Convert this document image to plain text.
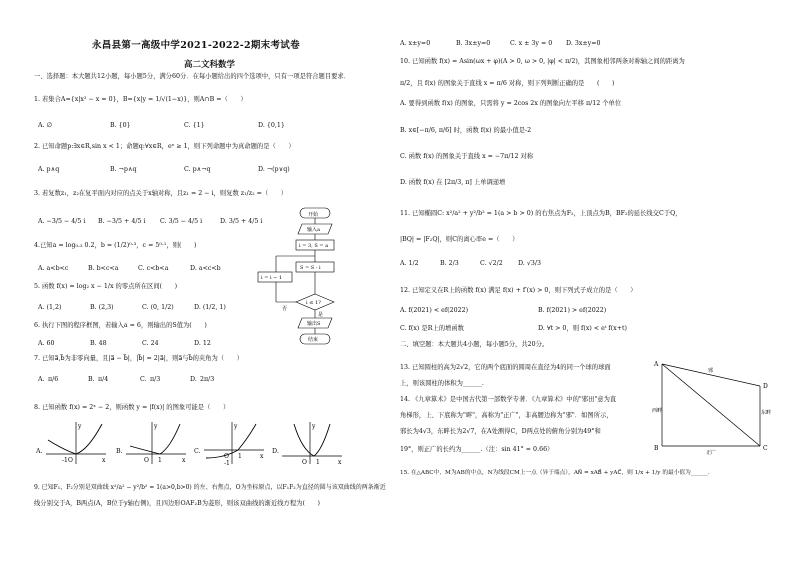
永昌县第一高级中学2021-2022-2期末考试卷
高二文科数学
一、选择题：本大题共12小题，每小题5分，满分60分．在每小题给出的四个选项中，只有一项是符合题目要求．
1. 若集合A={x|x² − x = 0}，B={x|y = 1/√(1−x)}，则A∩B =（　　）
A. ∅	B. {0}	C. {1}	D. {0,1}
2. 已知命题p:∃x∈R,sin x < 1；命题q:∀x∈R，eˣ ≥ 1，则下列命题中为真命题的是（　　）
A. p∧q	B. ¬p∧q	C. p∧¬q	D. ¬(p∨q)
3. 若复数z₁，z₂在复平面内对应的点关于x轴对称，且z₁ = 2 − i，则复数 z₁/z₂ =（　　）
A. −3/5 − 4/5 i B. −3/5 + 4/5 i C. 3/5 − 4/5 i	D. 3/5 + 4/5 i
4.已知a = log₀.₃ 0.2，b = (1/2)⁰·³，c = 5⁰·¹，则(　　)
A. a<b<c	B. b<c<a	C. c<b<a	D. a<c<b
5. 函数 f(x) = log₂ x − 1/x 的零点所在区间(　　)
A. (1,2)	B. (2,3)	C. (0, 1/2)	D. (1/2, 1)
6. 执行下图的程序框图，若输入a = 6，则输出的S值为(　　)
A. 60	B. 48	C. 24	D. 12
7. 已知a⃗,b⃗为非零向量，且|a⃗ − b⃗|，|b⃗| = 2|a⃗|，则a⃗与b⃗的夹角为（　　）
A. π/6	B. π/4	C. π/3	D. 2π/3
8. 已知函数 f(x) = 2ˣ − 2，则函数 y = |f(x)| 的图象可能是（　　）
A.
O	x
y
-1
B.
O 1	x
y
C.
O 1	x
y
-1
D.
O 1	x
y
9. 已知F₁，F₂分别是双曲线 x²/a² − y²/b² = 1(a>0,b>0) 的左、右焦点，O为坐标原点，以F₁F₂为直径的圆与该双曲线的两条渐近
线分别交于A，B两点(A，B位于y轴右侧)，且四边形OAF₂B为菱形，则该双曲线的渐近线方程为(　　)
开始
输入a
i = 3, S = a
S = S · i
i = i − 1
i ≤ 1?
否
是
输出S
结束
A. x±y=0	B. 3x±y=0	C. x ± 3y = 0 D. 3x±y=0
10. 已知函数 f(x) = Asin(ωx + φ)(A > 0, ω > 0, |φ| < π/2)，其图象相邻两条对称轴之间的距离为
π/2，且 f(x) 的图象关于直线 x = π/6 对称，则下列判断正确的是　　(　　)
A. 要得到函数 f(x) 的图象，只需将 y = 2cos 2x 的图象向左平移 π/12 个单位
B. x∈[−π/6, π/6] 时，函数 f(x) 的最小值是-2
C. 函数 f(x) 的图象关于直线 x = −7π/12 对称
D. 函数 f(x) 在 [2π/3, π] 上单调递增
11. 已知椭圆C: x²/a² + y²/b² = 1(a > b > 0) 的右焦点为F₂，上顶点为B，BF₂的延长线交C于Q，
|BQ| = |F₂Q|，则C的离心率e =（　　）
A. 1/2	B. 2/3	C. √2/2 D. √3/3
12. 已知定义在R上的函数 f(x) 满足 f(x) + f′(x) > 0，则下列式子成立的是（　　）
A. f(2021) < ef(2022)	B. f(2021) > ef(2022)
C. f(x) 是R上的增函数	D. ∀t > 0，则 f(x) < eᵗ f(x+t)
二、填空题：本大题共4小题，每小题5分，共20分。
13. 已知圆柱的高为2√2，它的两个底面的圆周在直径为4的同一个球的球面
上，则该圆柱的体积为______.
14. 《九章算术》是中国古代第一部数学专著．《九章算术》中的"邪田"意为直
角梯形，上、下底称为"畔"，高称为"正广"，非高腰边称为"邪"．如图所示，
邪长为4√3，东畔长为2√7，在A处测得C，D两点处的俯角分别为49°和
19°，则正广的长约为______.（注：sin 41° ≈ 0.66）
15. 在△ABC中，M为AB的中点，N为线段CM上一点（异于端点），AN⃗ = xAB⃗ + yAC⃗，则 1/x + 1/y 的最小值为______.
A
B	C
D
邪
西畔	东畔
正广
